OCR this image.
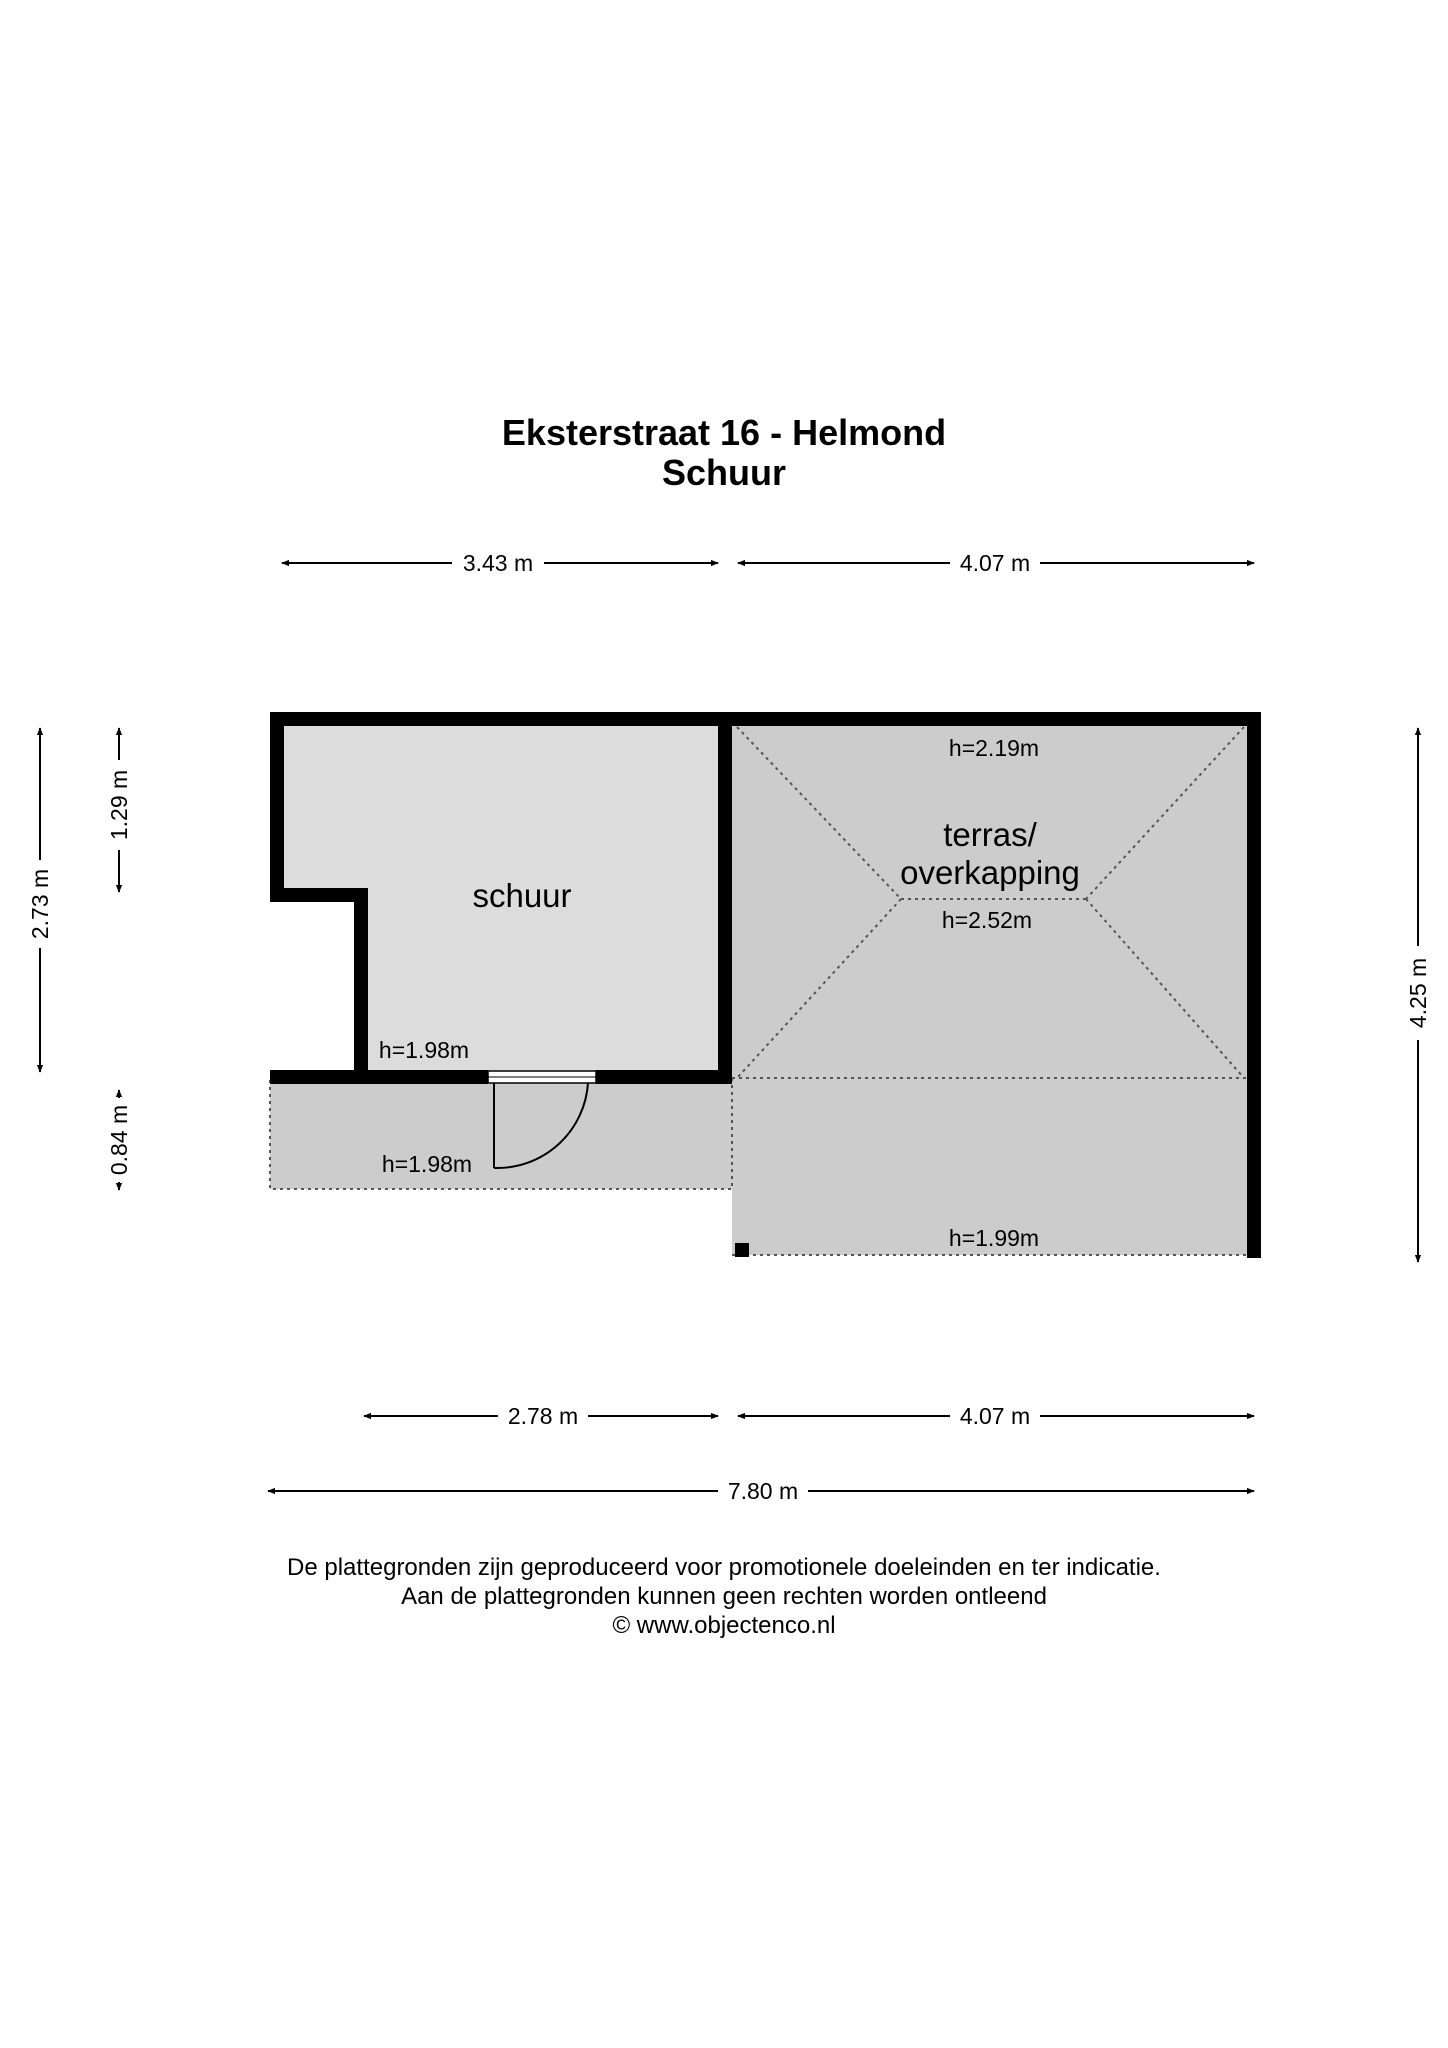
Eksterstraat 16 - Helmond
Schuur
schuur
h=1.98m
h=1.98m
terras/
overkapping
h=2.19m
h=2.52m
h=1.99m
3.43 m	4.07 m
2.78 m	4.07 m
7.80 m
2.73 m
1.29 m
0.84 m
4.25 m
De plattegronden zijn geproduceerd voor promotionele doeleinden en ter indicatie.
Aan de plattegronden kunnen geen rechten worden ontleend
© www.objectenco.nl
